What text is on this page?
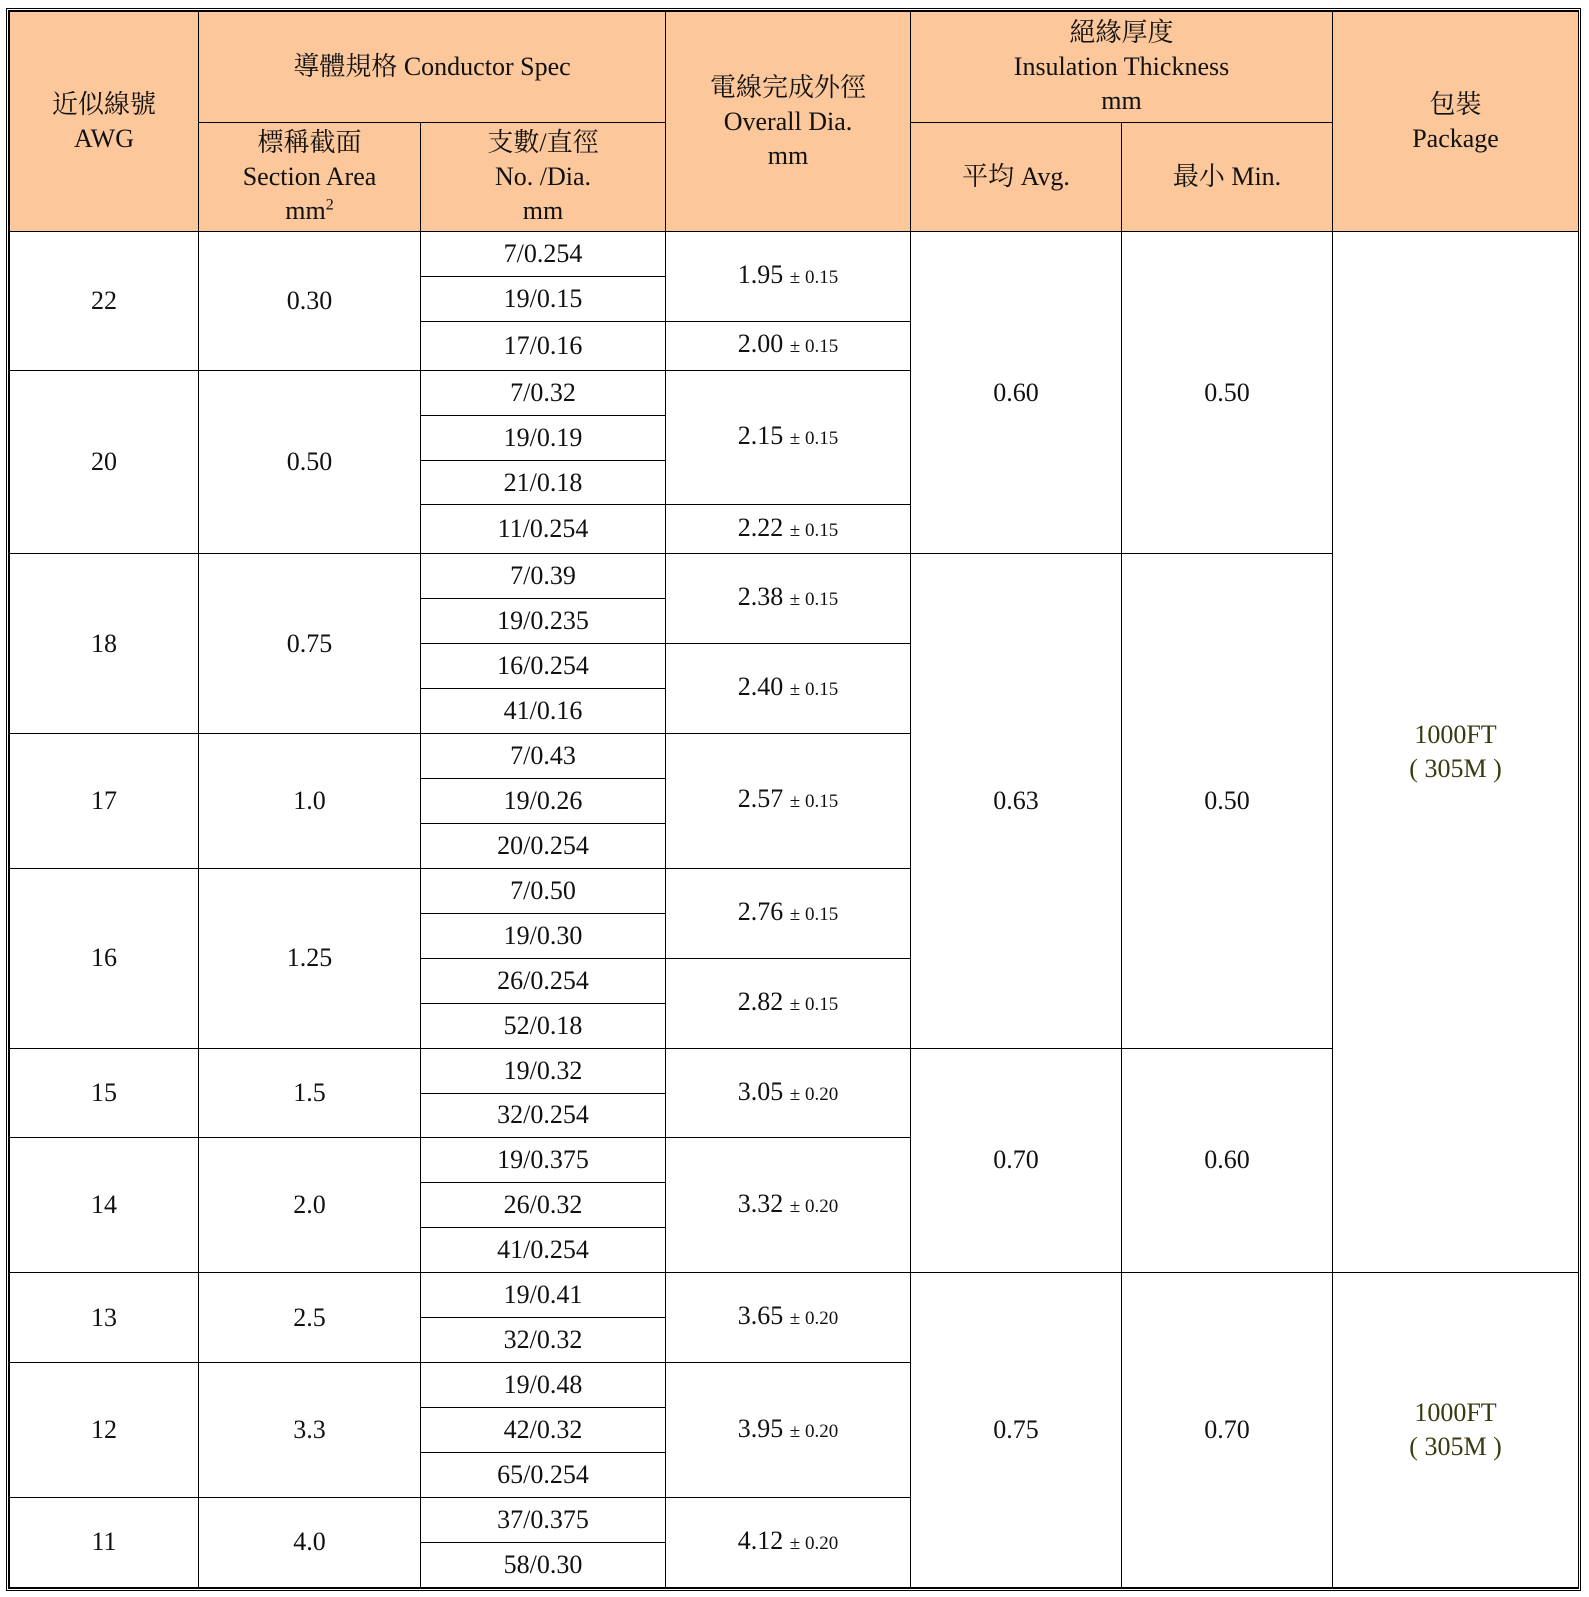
近似線號
AWG	導體規格 Conductor Spec		電線完成外徑
Overall Dia.
mm	絕緣厚度
Insulation Thickness
mm		包裝
Package

	標稱截面
Section Area
$mm^2$	支數/直徑
No. /Dia.
mm		平均 Avg.	最小 Min.	
22	0.30	7/0.254	1.95 ± 0.15	0.60	0.50	1000FT
( 305M )

		19/0.15				
		17/0.16	2.00 ± 0.15			
20	0.50	7/0.32	2.15 ± 0.15			
		19/0.19				
		21/0.18				
		11/0.254	2.22 ± 0.15			
18	0.75	7/0.39	2.38 ± 0.15	0.63	0.50	
		19/0.235				
		16/0.254	2.40 ± 0.15			
		41/0.16				
17	1.0	7/0.43	2.57 ± 0.15			
		19/0.26				
		20/0.254				
16	1.25	7/0.50	2.76 ± 0.15			
		19/0.30				
		26/0.254	2.82 ± 0.15			
		52/0.18				
15	1.5	19/0.32	3.05 ± 0.20	0.70	0.60	
		32/0.254				
14	2.0	19/0.375	3.32 ± 0.20			
		26/0.32				
		41/0.254				
13	2.5	19/0.41	3.65 ± 0.20	0.75	0.70	1000FT
( 305M )

		32/0.32				
12	3.3	19/0.48	3.95 ± 0.20			
		42/0.32				
		65/0.254				
11	4.0	37/0.375	4.12 ± 0.20			
		58/0.30				
